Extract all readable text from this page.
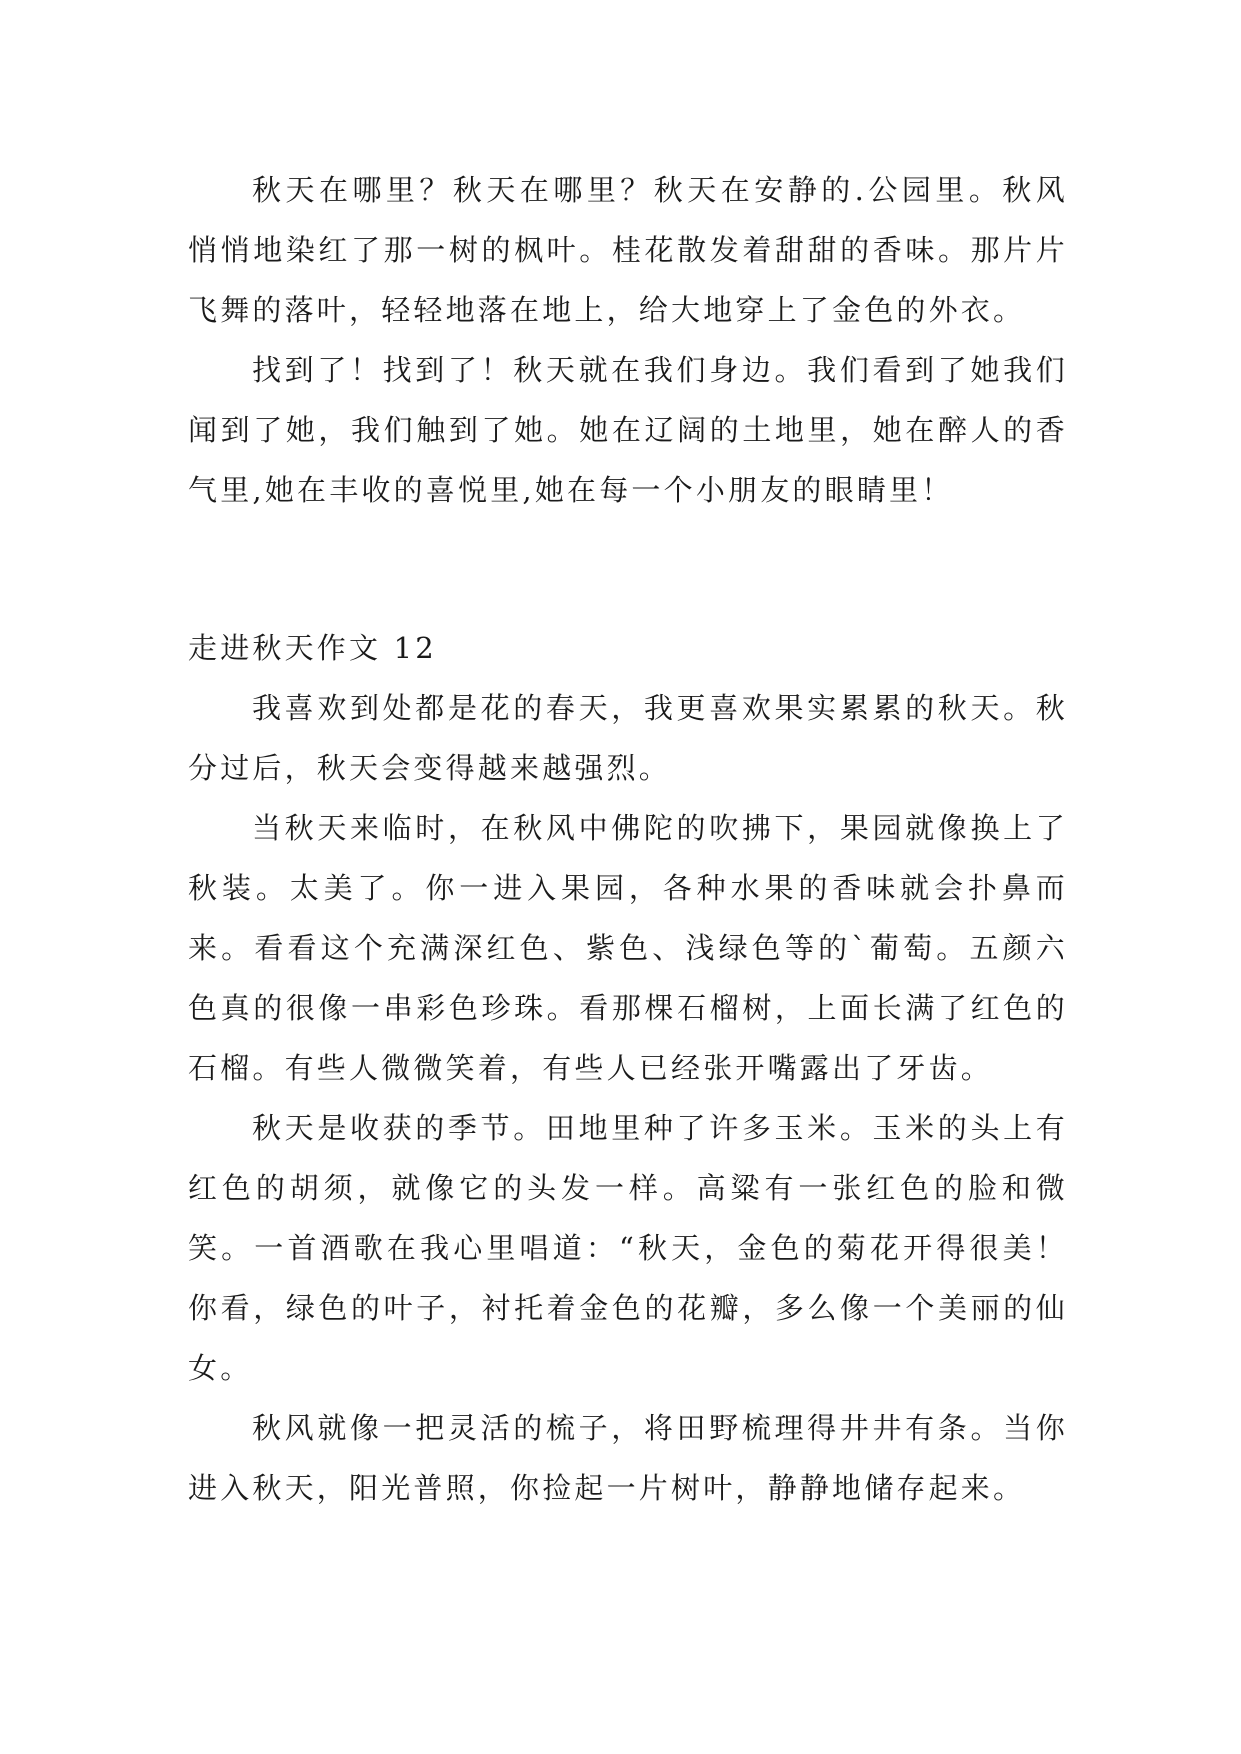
秋天在哪里？秋天在哪里？秋天在安静的.公园里。秋风悄悄地染红了那一树的枫叶。桂花散发着甜甜的香味。那片片飞舞的落叶，轻轻地落在地上，给大地穿上了金色的外衣。

找到了！找到了！秋天就在我们身边。我们看到了她我们闻到了她，我们触到了她。她在辽阔的土地里，她在醉人的香气里,她在丰收的喜悦里,她在每一个小朋友的眼睛里！

走进秋天作文 12

我喜欢到处都是花的春天，我更喜欢果实累累的秋天。秋分过后，秋天会变得越来越强烈。

当秋天来临时，在秋风中佛陀的吹拂下，果园就像换上了秋装。太美了。你一进入果园，各种水果的香味就会扑鼻而来。看看这个充满深红色、紫色、浅绿色等的`葡萄。五颜六色真的很像一串彩色珍珠。看那棵石榴树，上面长满了红色的石榴。有些人微微笑着，有些人已经张开嘴露出了牙齿。

秋天是收获的季节。田地里种了许多玉米。玉米的头上有红色的胡须，就像它的头发一样。高粱有一张红色的脸和微笑。一首酒歌在我心里唱道：“秋天，金色的菊花开得很美！你看，绿色的叶子，衬托着金色的花瓣，多么像一个美丽的仙女。

秋风就像一把灵活的梳子，将田野梳理得井井有条。当你进入秋天，阳光普照，你捡起一片树叶，静静地储存起来。
